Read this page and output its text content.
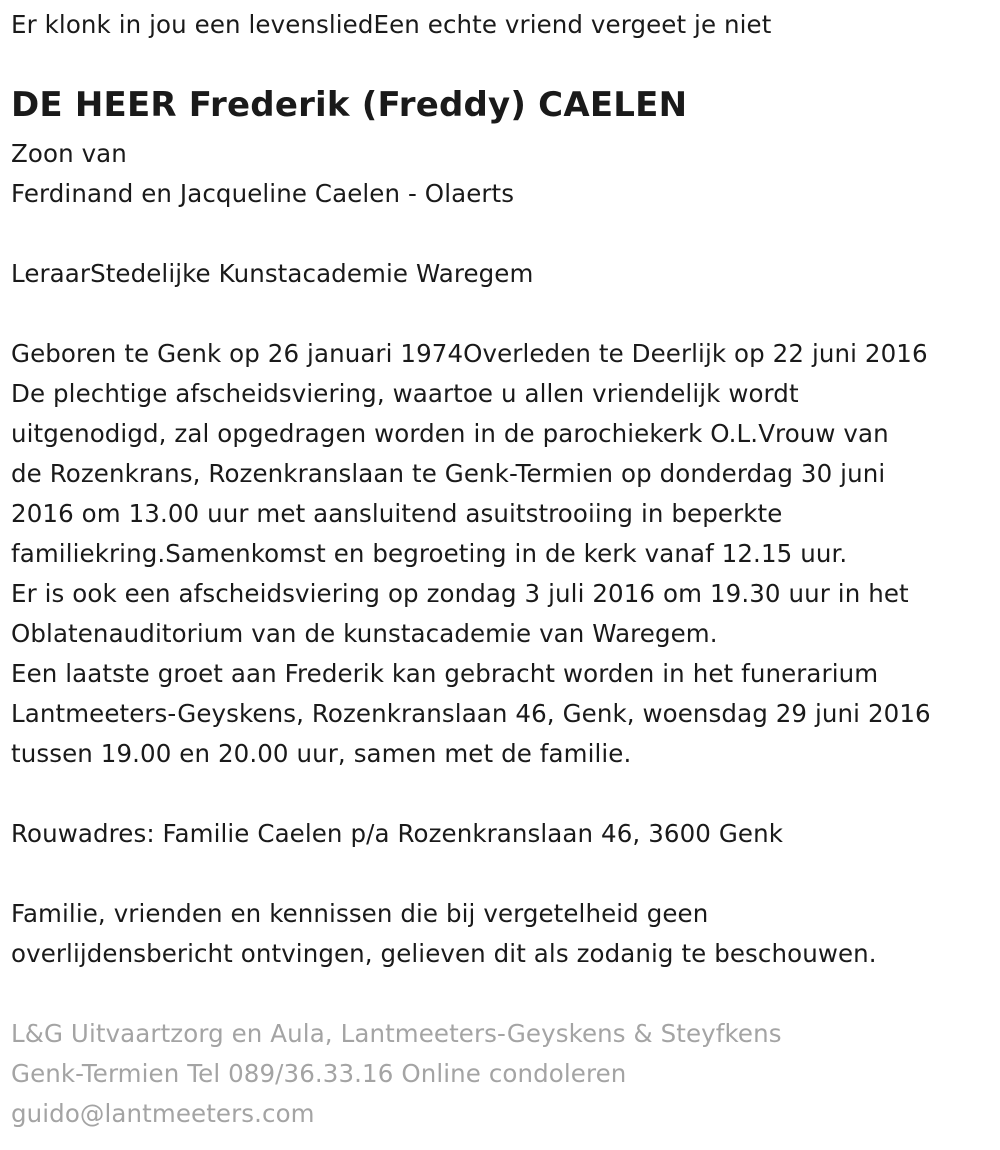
Er klonk in jou een levensliedEen echte vriend vergeet je niet
DE HEER Frederik (Freddy) CAELEN
Zoon van
Ferdinand en Jacqueline Caelen - Olaerts
LeraarStedelijke Kunstacademie Waregem
Geboren te Genk op 26 januari 1974Overleden te Deerlijk op 22 juni 2016
De plechtige afscheidsviering, waartoe u allen vriendelijk wordt
uitgenodigd, zal opgedragen worden in de parochiekerk O.L.Vrouw van
de Rozenkrans, Rozenkranslaan te Genk-Termien op donderdag 30 juni
2016 om 13.00 uur met aansluitend asuitstrooiing in beperkte
familiekring.Samenkomst en begroeting in de kerk vanaf 12.15 uur.
Er is ook een afscheidsviering op zondag 3 juli 2016 om 19.30 uur in het
Oblatenauditorium van de kunstacademie van Waregem.
Een laatste groet aan Frederik kan gebracht worden in het funerarium
Lantmeeters-Geyskens, Rozenkranslaan 46, Genk, woensdag 29 juni 2016
tussen 19.00 en 20.00 uur, samen met de familie.
Rouwadres: Familie Caelen p/a Rozenkranslaan 46, 3600 Genk
Familie, vrienden en kennissen die bij vergetelheid geen
overlijdensbericht ontvingen, gelieven dit als zodanig te beschouwen.
L&G Uitvaartzorg en Aula, Lantmeeters-Geyskens & Steyfkens
Genk-Termien Tel 089/36.33.16 Online condoleren
guido@lantmeeters.com
